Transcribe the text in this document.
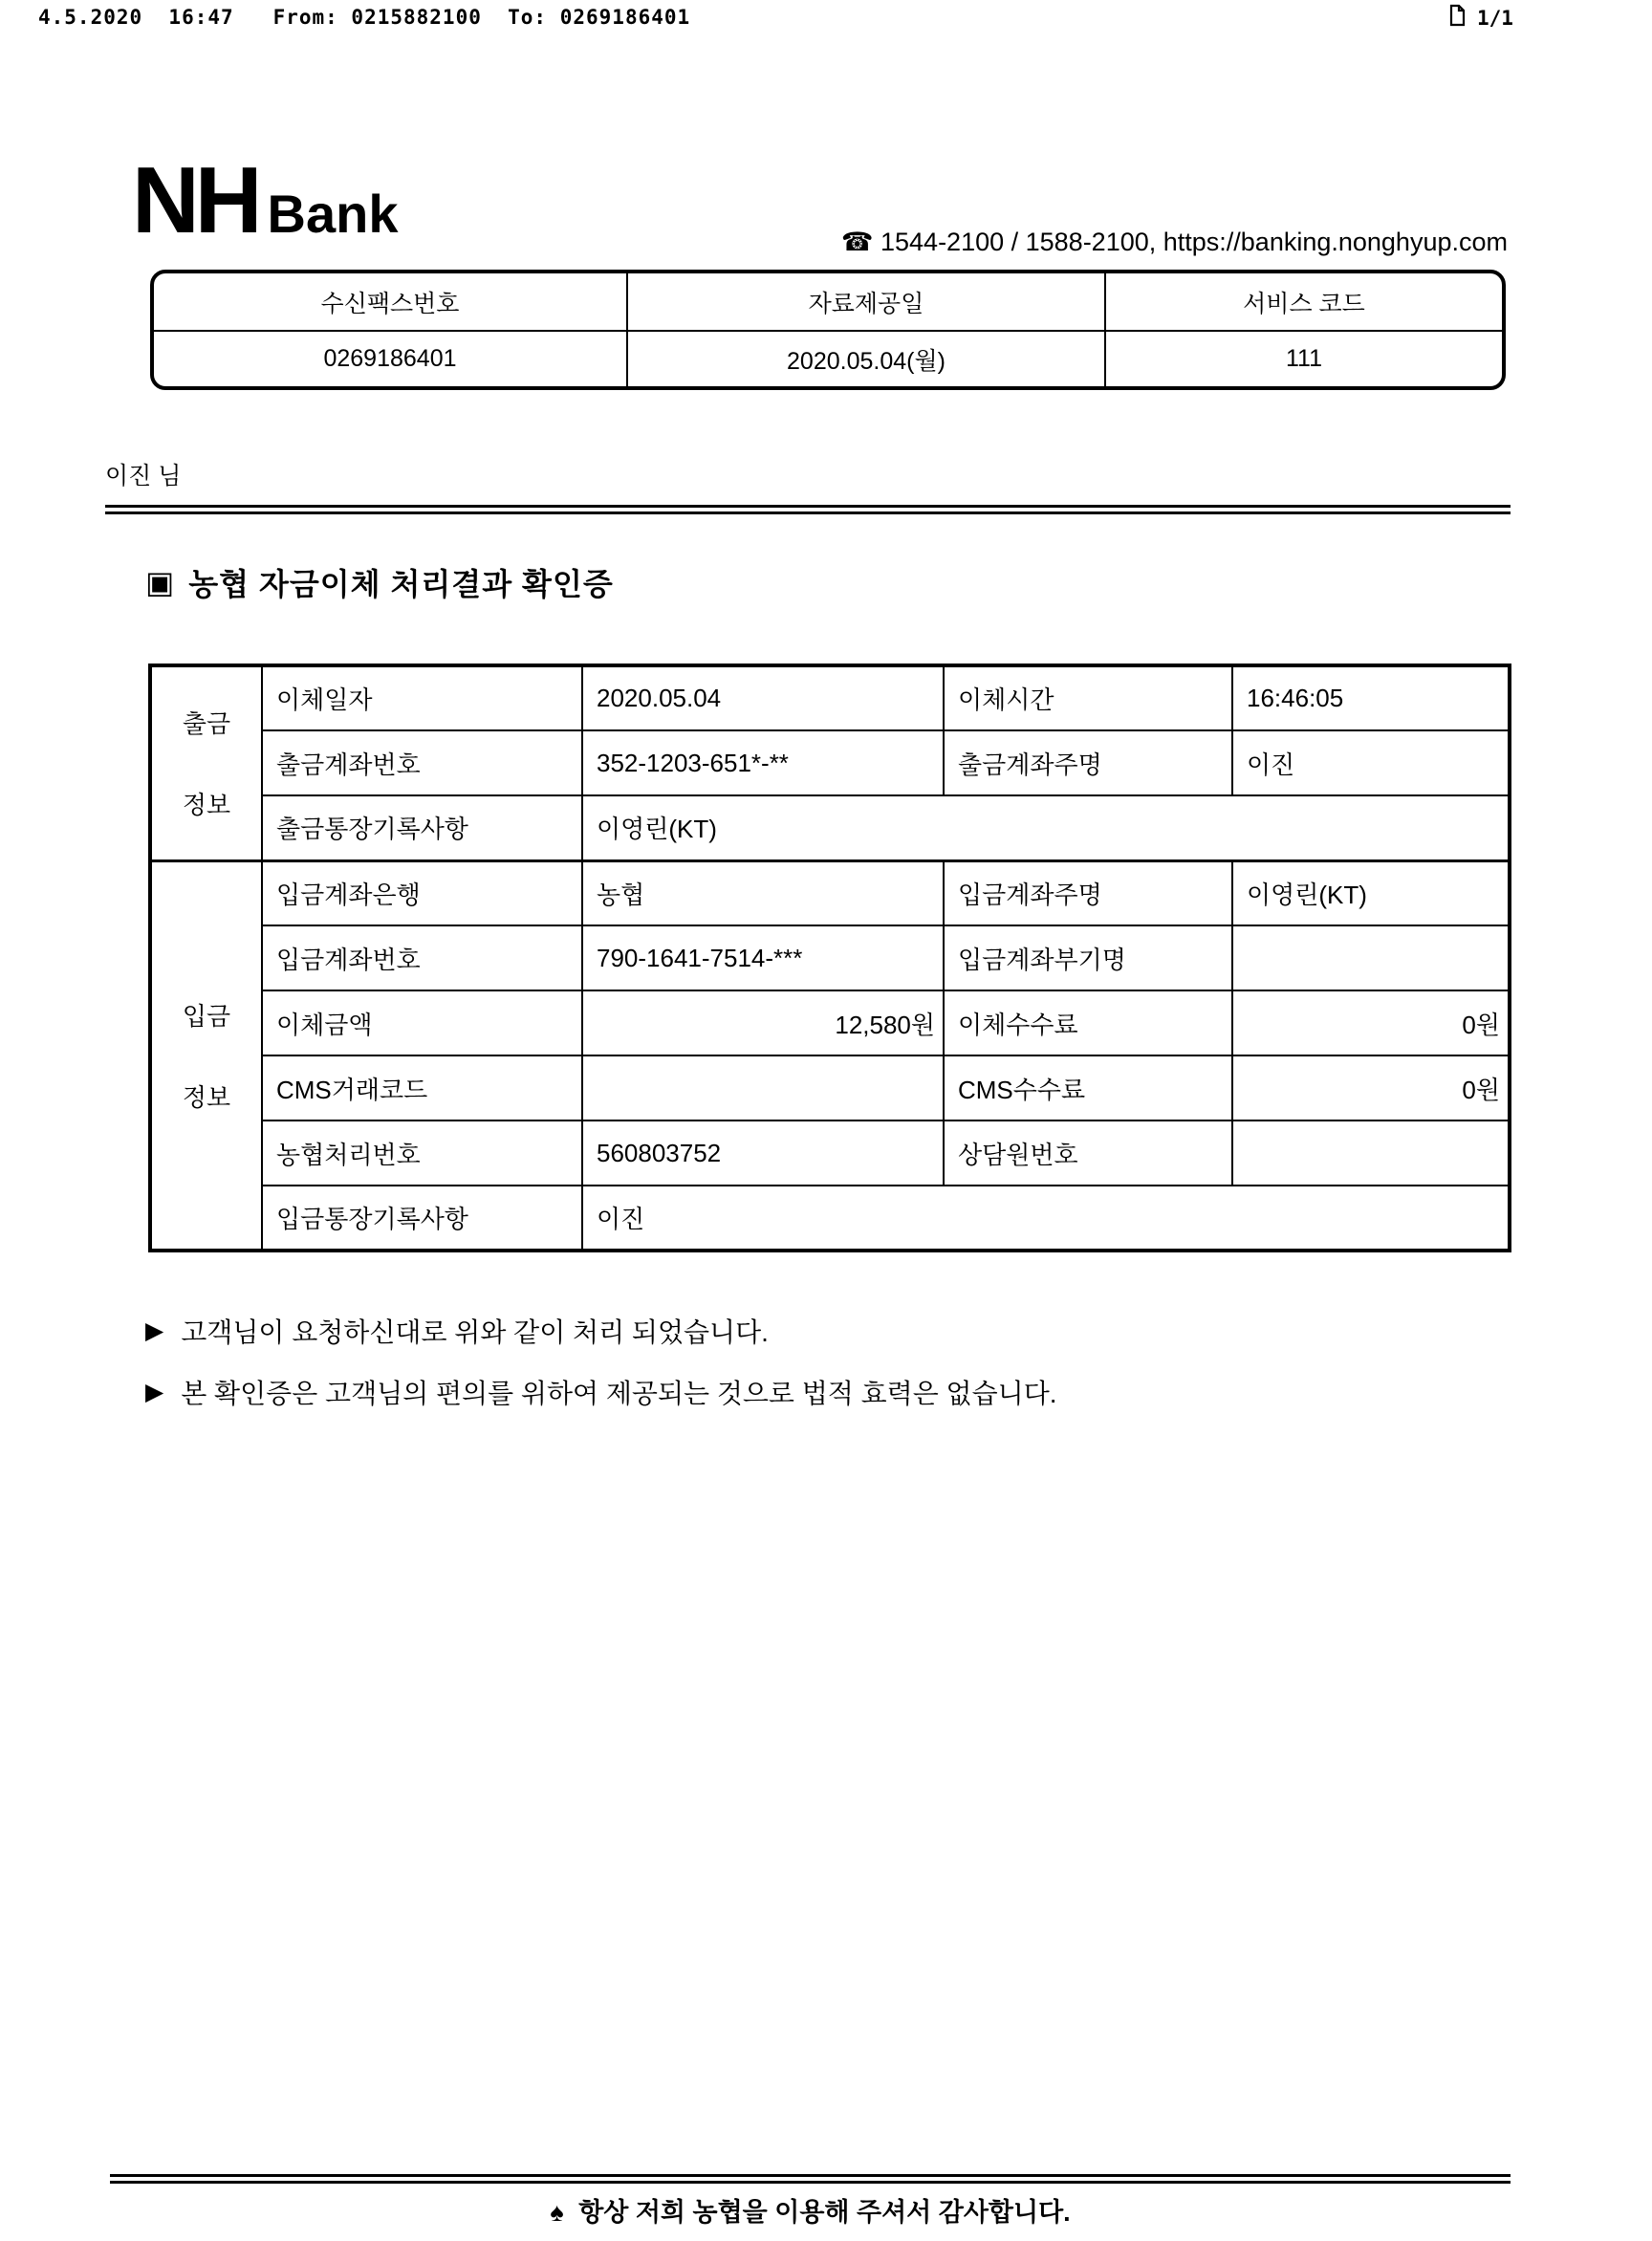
4.5.2020  16:47   From: 0215882100  To: 0269186401	1/1
NH Bank	☎ 1544-2100 / 1588-2100, https://banking.nonghyup.com
수신팩스번호	자료제공일	서비스 코드
0269186401	2020.05.04(월)	111
이진 님
▣ 농협 자금이체 처리결과 확인증
출금
정보	이체일자	2020.05.04	이체시간	16:46:05
	출금계좌번호	352-1203-651*-**	출금계좌주명	이진
	출금통장기록사항	이영린(KT)		

입금
정보	입금계좌은행	농협	입금계좌주명	이영린(KT)
	입금계좌번호	790-1641-7514-***	입금계좌부기명	
	이체금액	12,580원	이체수수료	0원
	CMS거래코드		CMS수수료	0원
	농협처리번호	560803752	상담원번호	
	입금통장기록사항	이진		
▶ 고객님이 요청하신대로 위와 같이 처리 되었습니다.
▶ 본 확인증은 고객님의 편의를 위하여 제공되는 것으로 법적 효력은 없습니다.
♠ 항상 저희 농협을 이용해 주셔서 감사합니다.
